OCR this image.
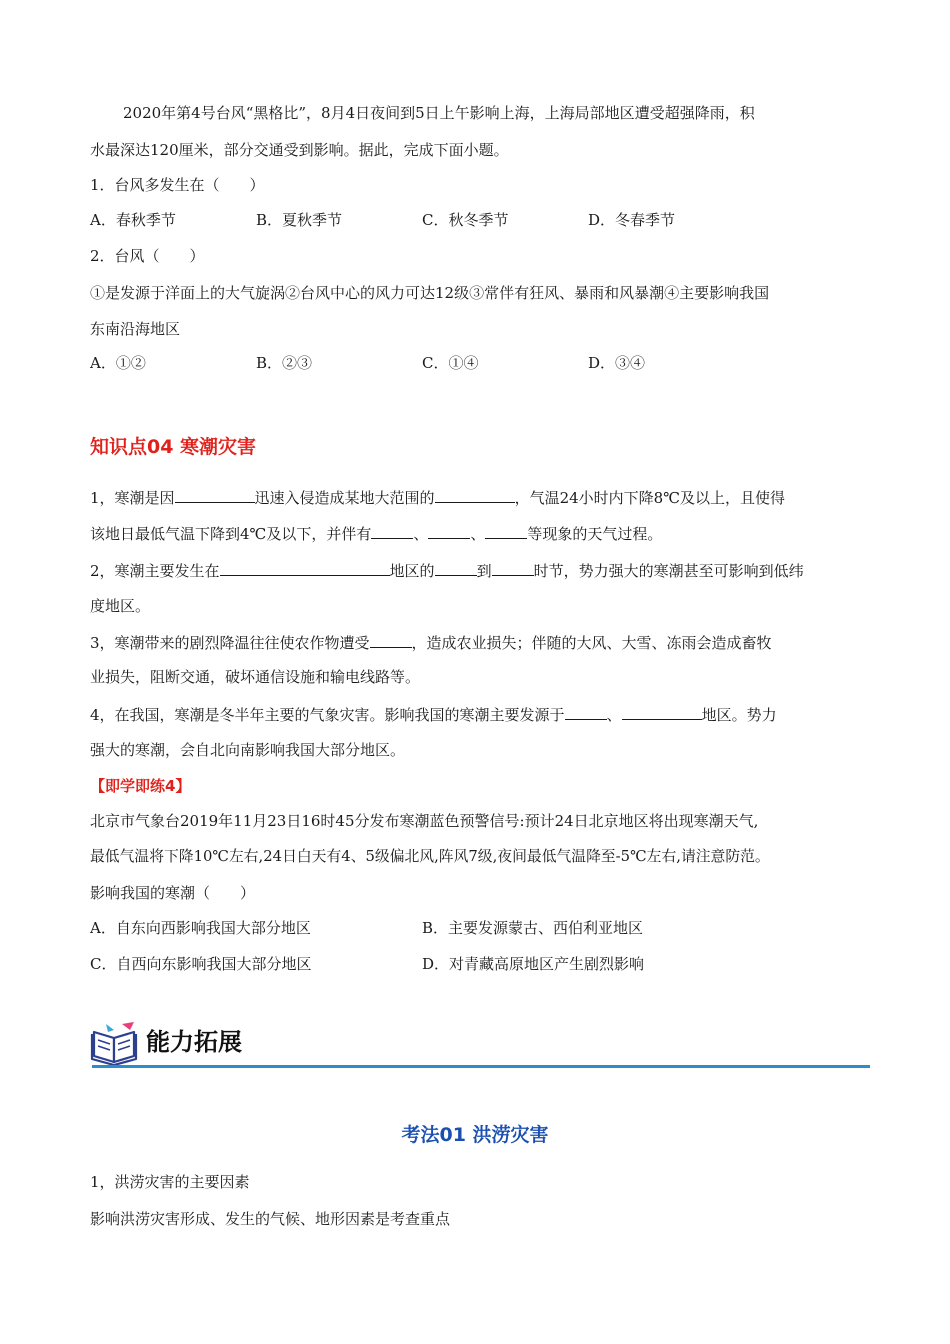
2020年第4号台风“黑格比”，8月4日夜间到5日上午影响上海，上海局部地区遭受超强降雨，积
水最深达120厘米，部分交通受到影响。据此，完成下面小题。
1．台风多发生在（　　）
A．春秋季节	B．夏秋季节	C．秋冬季节	D．冬春季节
2．台风（　　）
①是发源于洋面上的大气旋涡②台风中心的风力可达12级③常伴有狂风、暴雨和风暴潮④主要影响我国
东南沿海地区
A．①②	B．②③	C．①④	D．③④
知识点04 寒潮灾害
1，寒潮是因	迅速入侵造成某地大范围的	，气温24小时内下降8℃及以上，且使得
该地日最低气温下降到4℃及以下，并伴有	、	、	等现象的天气过程。
2，寒潮主要发生在	地区的	到	时节，势力强大的寒潮甚至可影响到低纬
度地区。
3，寒潮带来的剧烈降温往往使农作物遭受	，造成农业损失；伴随的大风、大雪、冻雨会造成畜牧
业损失，阻断交通，破坏通信设施和输电线路等。
4，在我国，寒潮是冬半年主要的气象灾害。影响我国的寒潮主要发源于	、	地区。势力
强大的寒潮，会自北向南影响我国大部分地区。
【即学即练4】
北京市气象台2019年11月23日16时45分发布寒潮蓝色预警信号:预计24日北京地区将出现寒潮天气,
最低气温将下降10℃左右,24日白天有4、5级偏北风,阵风7级,夜间最低气温降至-5℃左右,请注意防范。
影响我国的寒潮（　　）
A．自东向西影响我国大部分地区	B．主要发源蒙古、西伯利亚地区
C．自西向东影响我国大部分地区	D．对青藏高原地区产生剧烈影响
能力拓展
考法01 洪涝灾害
1，洪涝灾害的主要因素
影响洪涝灾害形成、发生的气候、地形因素是考查重点
